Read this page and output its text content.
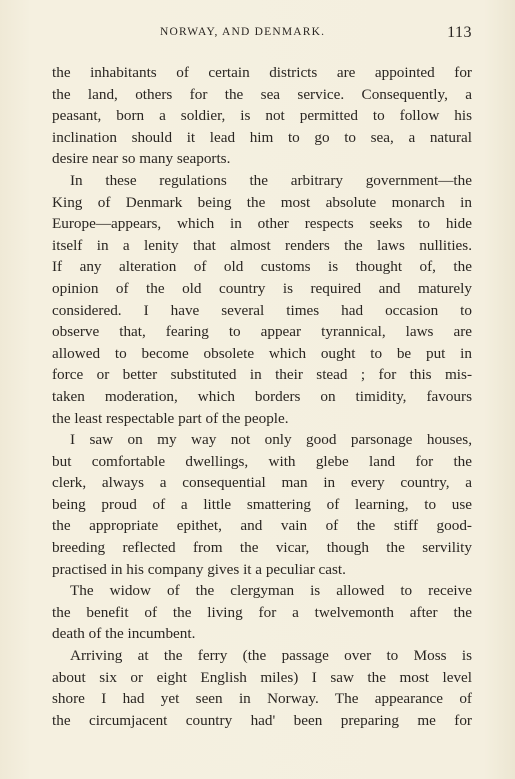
NORWAY, AND DENMARK.	113
the inhabitants of certain districts are appointed for
the land, others for the sea service. Consequently, a
peasant, born a soldier, is not permitted to follow his
inclination should it lead him to go to sea, a natural
desire near so many seaports.
In these regulations the arbitrary government—the
King of Denmark being the most absolute monarch in
Europe—appears, which in other respects seeks to hide
itself in a lenity that almost renders the laws nullities.
If any alteration of old customs is thought of, the
opinion of the old country is required and maturely
considered. I have several times had occasion to
observe that, fearing to appear tyrannical, laws are
allowed to become obsolete which ought to be put in
force or better substituted in their stead ; for this mis-
taken moderation, which borders on timidity, favours
the least respectable part of the people.
I saw on my way not only good parsonage houses,
but comfortable dwellings, with glebe land for the
clerk, always a consequential man in every country, a
being proud of a little smattering of learning, to use
the appropriate epithet, and vain of the stiff good-
breeding reflected from the vicar, though the servility
practised in his company gives it a peculiar cast.
The widow of the clergyman is allowed to receive
the benefit of the living for a twelvemonth after the
death of the incumbent.
Arriving at the ferry (the passage over to Moss is
about six or eight English miles) I saw the most level
shore I had yet seen in Norway. The appearance of
the circumjacent country had' been preparing me for
